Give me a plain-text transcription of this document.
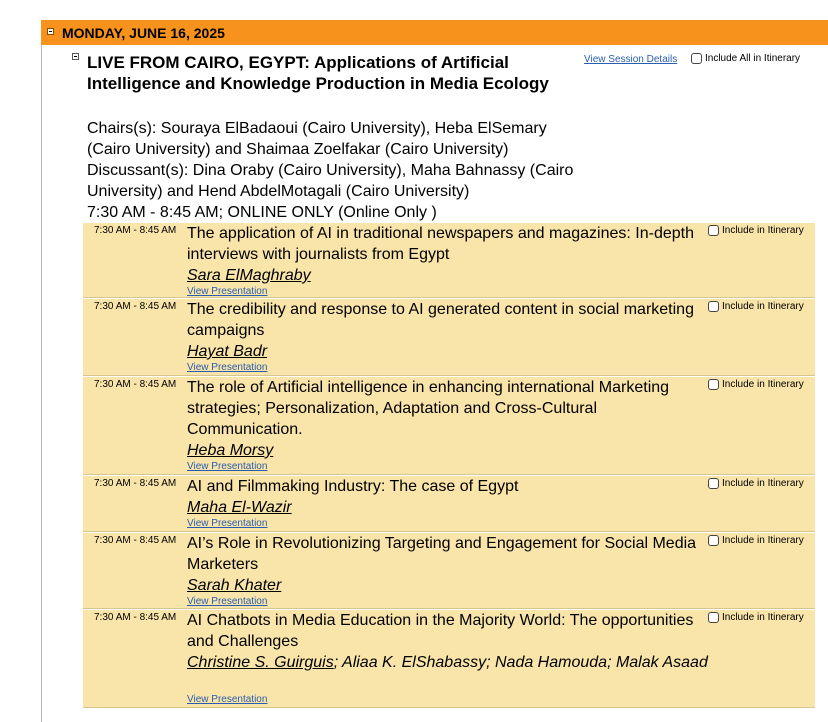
MONDAY, JUNE 16, 2025
LIVE FROM CAIRO, EGYPT: Applications of Artificial Intelligence and Knowledge Production in Media Ecology
Chairs(s): Souraya ElBadaoui (Cairo University), Heba ElSemary (Cairo University) and Shaimaa Zoelfakar (Cairo University)
Discussant(s): Dina Oraby (Cairo University), Maha Bahnassy (Cairo University) and Hend AbdelMotagali (Cairo University)
7:30 AM - 8:45 AM; ONLINE ONLY (Online Only )
View Session Details	Include All in Itinerary
7:30 AM - 8:45 AM The application of AI in traditional newspapers and magazines: In-depth interviews with journalists from Egypt
Sara ElMaghraby
View Presentation
Include in Itinerary
7:30 AM - 8:45 AM The credibility and response to AI generated content in social marketing campaigns
Hayat Badr
View Presentation
Include in Itinerary
7:30 AM - 8:45 AM The role of Artificial intelligence in enhancing international Marketing strategies; Personalization, Adaptation and Cross-Cultural Communication.
Heba Morsy
View Presentation
Include in Itinerary
7:30 AM - 8:45 AM AI and Filmmaking Industry: The case of Egypt
Maha El-Wazir
View Presentation
Include in Itinerary
7:30 AM - 8:45 AM AI’s Role in Revolutionizing Targeting and Engagement for Social Media Marketers
Sarah Khater
View Presentation
Include in Itinerary
7:30 AM - 8:45 AM AI Chatbots in Media Education in the Majority World: The opportunities and Challenges
Christine S. Guirguis; Aliaa K. ElShabassy; Nada Hamouda; Malak Asaad
View Presentation
Include in Itinerary
